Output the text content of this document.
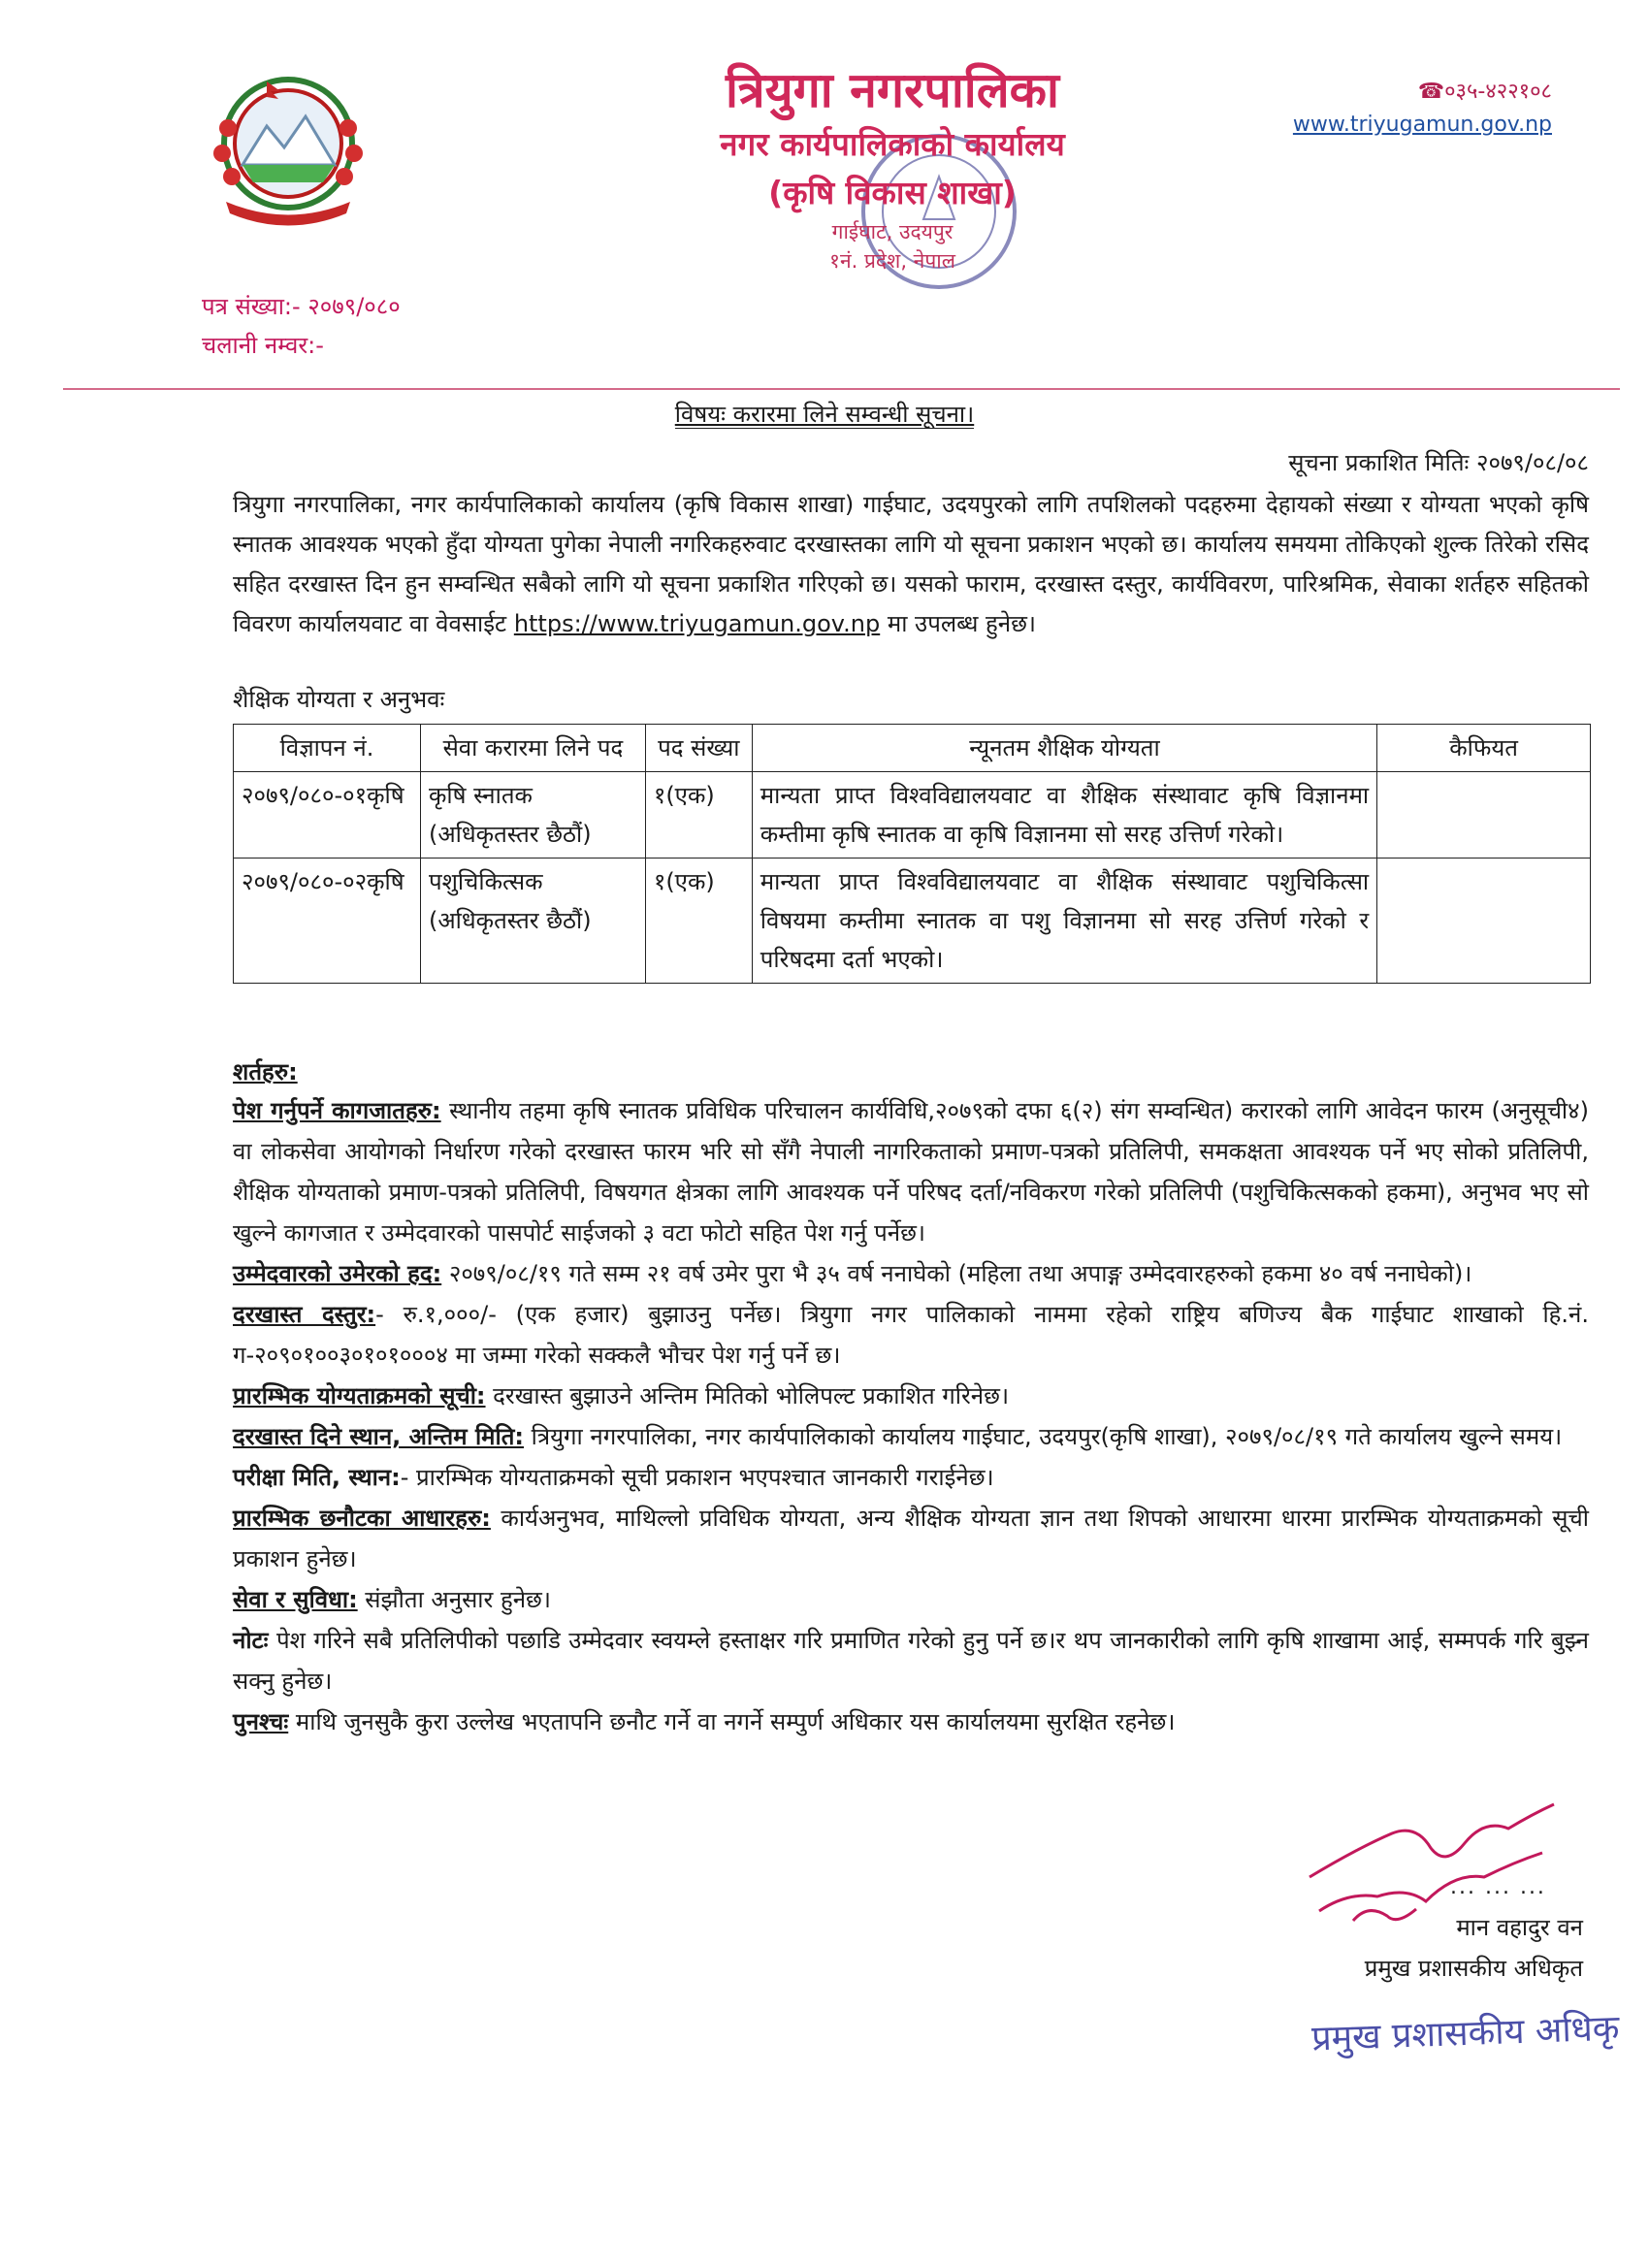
त्रियुगा नगरपालिका
नगर कार्यपालिकाको कार्यालय
(कृषि विकास शाखा)
गाईघाट, उदयपुर
१नं. प्रदेश, नेपाल
☎०३५-४२२१०८
www.triyugamun.gov.np
पत्र संख्या:- २०७९/०८०
चलानी नम्वर:-
विषयः करारमा लिने सम्वन्धी सूचना।
सूचना प्रकाशित मितिः २०७९/०८/०८
त्रियुगा नगरपालिका, नगर कार्यपालिकाको कार्यालय (कृषि विकास शाखा) गाईघाट, उदयपुरको लागि तपशिलको पदहरुमा देहायको संख्या र योग्यता भएको कृषि स्नातक आवश्यक भएको हुँदा योग्यता पुगेका नेपाली नगरिकहरुवाट दरखास्तका लागि यो सूचना प्रकाशन भएको छ। कार्यालय समयमा तोकिएको शुल्क तिरेको रसिद सहित दरखास्त दिन हुन सम्वन्धित सबैको लागि यो सूचना प्रकाशित गरिएको छ। यसको फाराम, दरखास्त दस्तुर, कार्यविवरण, पारिश्रमिक, सेवाका शर्तहरु सहितको विवरण कार्यालयवाट वा वेवसाईट https://www.triyugamun.gov.np मा उपलब्ध हुनेछ।
शैक्षिक योग्यता र अनुभवः
विज्ञापन नं.	सेवा करारमा लिने पद	पद संख्या	न्यूनतम शैक्षिक योग्यता	कैफियत
२०७९/०८०-०१कृषि	कृषि स्नातक (अधिकृतस्तर छैठौं)	१(एक)	मान्यता प्राप्त विश्वविद्यालयवाट वा शैक्षिक संस्थावाट कृषि विज्ञानमा कम्तीमा कृषि स्नातक वा कृषि विज्ञानमा सो सरह उत्तिर्ण गरेको।	
२०७९/०८०-०२कृषि	पशुचिकित्सक (अधिकृतस्तर छैठौं)	१(एक)	मान्यता प्राप्त विश्वविद्यालयवाट वा शैक्षिक संस्थावाट पशुचिकित्सा विषयमा कम्तीमा स्नातक वा पशु विज्ञानमा सो सरह उत्तिर्ण गरेको र परिषदमा दर्ता भएको।	
शर्तहरु:

पेश गर्नुपर्ने कागजातहरु: स्थानीय तहमा कृषि स्नातक प्रविधिक परिचालन कार्यविधि,२०७९को दफा ६(२) संग सम्वन्धित) करारको लागि आवेदन फारम (अनुसूची४) वा लोकसेवा आयोगको निर्धारण गरेको दरखास्त फारम भरि सो सँगै नेपाली नागरिकताको प्रमाण-पत्रको प्रतिलिपी, समकक्षता आवश्यक पर्ने भए सोको प्रतिलिपी, शैक्षिक योग्यताको प्रमाण-पत्रको प्रतिलिपी, विषयगत क्षेत्रका लागि आवश्यक पर्ने परिषद दर्ता/नविकरण गरेको प्रतिलिपी (पशुचिकित्सकको हकमा), अनुभव भए सो खुल्ने कागजात र उम्मेदवारको पासपोर्ट साईजको ३ वटा फोटो सहित पेश गर्नु पर्नेछ।

उम्मेदवारको उमेरको हद: २०७९/०८/१९ गते सम्म २१ वर्ष उमेर पुरा भै ३५ वर्ष ननाघेको (महिला तथा अपाङ्ग उम्मेदवारहरुको हकमा ४० वर्ष ननाघेको)।

दरखास्त दस्तुर:- रु.१,०००/- (एक हजार) बुझाउनु पर्नेछ। त्रियुगा नगर पालिकाको नाममा रहेको राष्ट्रिय बणिज्य बैक गाईघाट शाखाको हि.नं. ग-२०९०१००३०१०१०००४ मा जम्मा गरेको सक्कलै भौचर पेश गर्नु पर्ने छ।

प्रारम्भिक योग्यताक्रमको सूची: दरखास्त बुझाउने अन्तिम मितिको भोलिपल्ट प्रकाशित गरिनेछ।

दरखास्त दिने स्थान, अन्तिम मिति: त्रियुगा नगरपालिका, नगर कार्यपालिकाको कार्यालय गाईघाट, उदयपुर(कृषि शाखा), २०७९/०८/१९ गते कार्यालय खुल्ने समय।

परीक्षा मिति, स्थान:- प्रारम्भिक योग्यताक्रमको सूची प्रकाशन भएपश्चात जानकारी गराईनेछ।

प्रारम्भिक छनौटका आधारहरु: कार्यअनुभव, माथिल्लो प्रविधिक योग्यता, अन्य शैक्षिक योग्यता ज्ञान तथा शिपको आधारमा धारमा प्रारम्भिक योग्यताक्रमको सूची प्रकाशन हुनेछ।

सेवा र सुविधा: संझौता अनुसार हुनेछ।

नोटः पेश गरिने सबै प्रतिलिपीको पछाडि उम्मेदवार स्वयम्ले हस्ताक्षर गरि प्रमाणित गरेको हुनु पर्ने छ।र थप जानकारीको लागि कृषि शाखामा आई, सम्मपर्क गरि बुझ्न सक्नु हुनेछ।

पुनश्चः माथि जुनसुकै कुरा उल्लेख भएतापनि छनौट गर्ने वा नगर्ने सम्पुर्ण अधिकार यस कार्यालयमा सुरक्षित रहनेछ।

... ... ...
मान वहादुर वन
प्रमुख प्रशासकीय अधिकृत
प्रमुख प्रशासकीय अधिकृ
